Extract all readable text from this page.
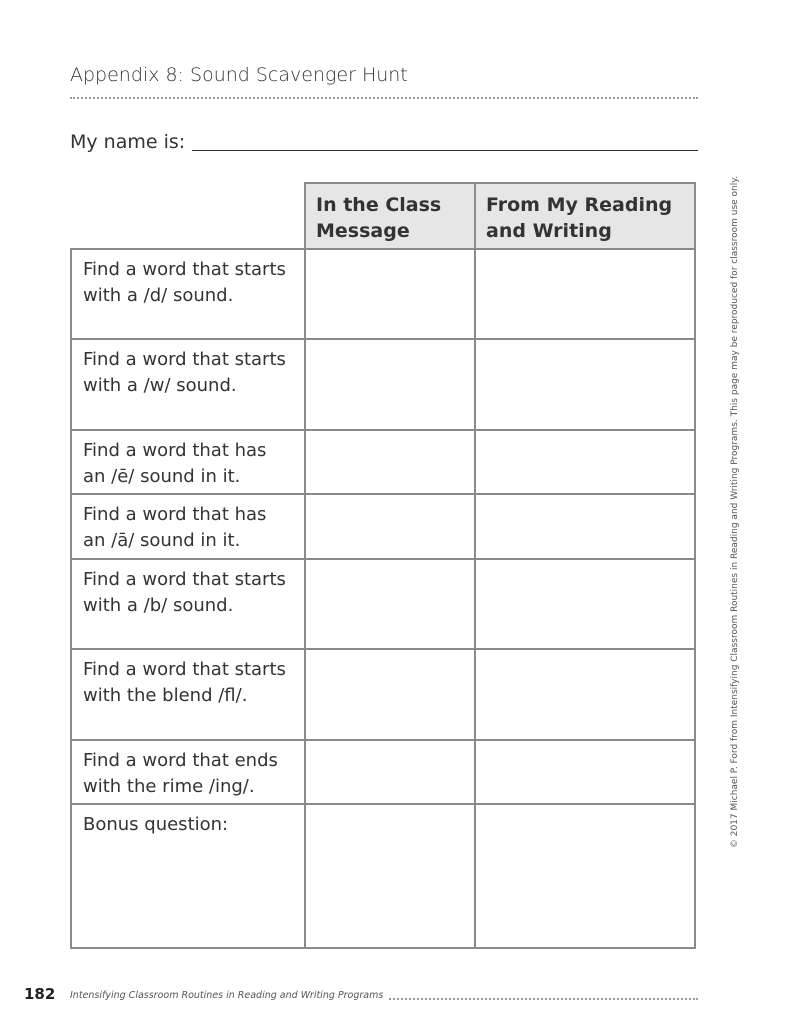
Appendix 8: Sound Scavenger Hunt
My name is:
	In the Class Message	From My Reading and Writing
Find a word that starts with a /d/ sound.		
Find a word that starts with a /w/ sound.		
Find a word that has an /ē/ sound in it.		
Find a word that has an /ā/ sound in it.		
Find a word that starts with a /b/ sound.		
Find a word that starts with the blend /fl/.		
Find a word that ends with the rime /ing/.		
Bonus question:			© 2017 Michael P. Ford from Intensifying Classroom Routines in Reading and Writing Programs. This page may be reproduced for classroom use only.
182 Intensifying Classroom Routines in Reading and Writing Programs
